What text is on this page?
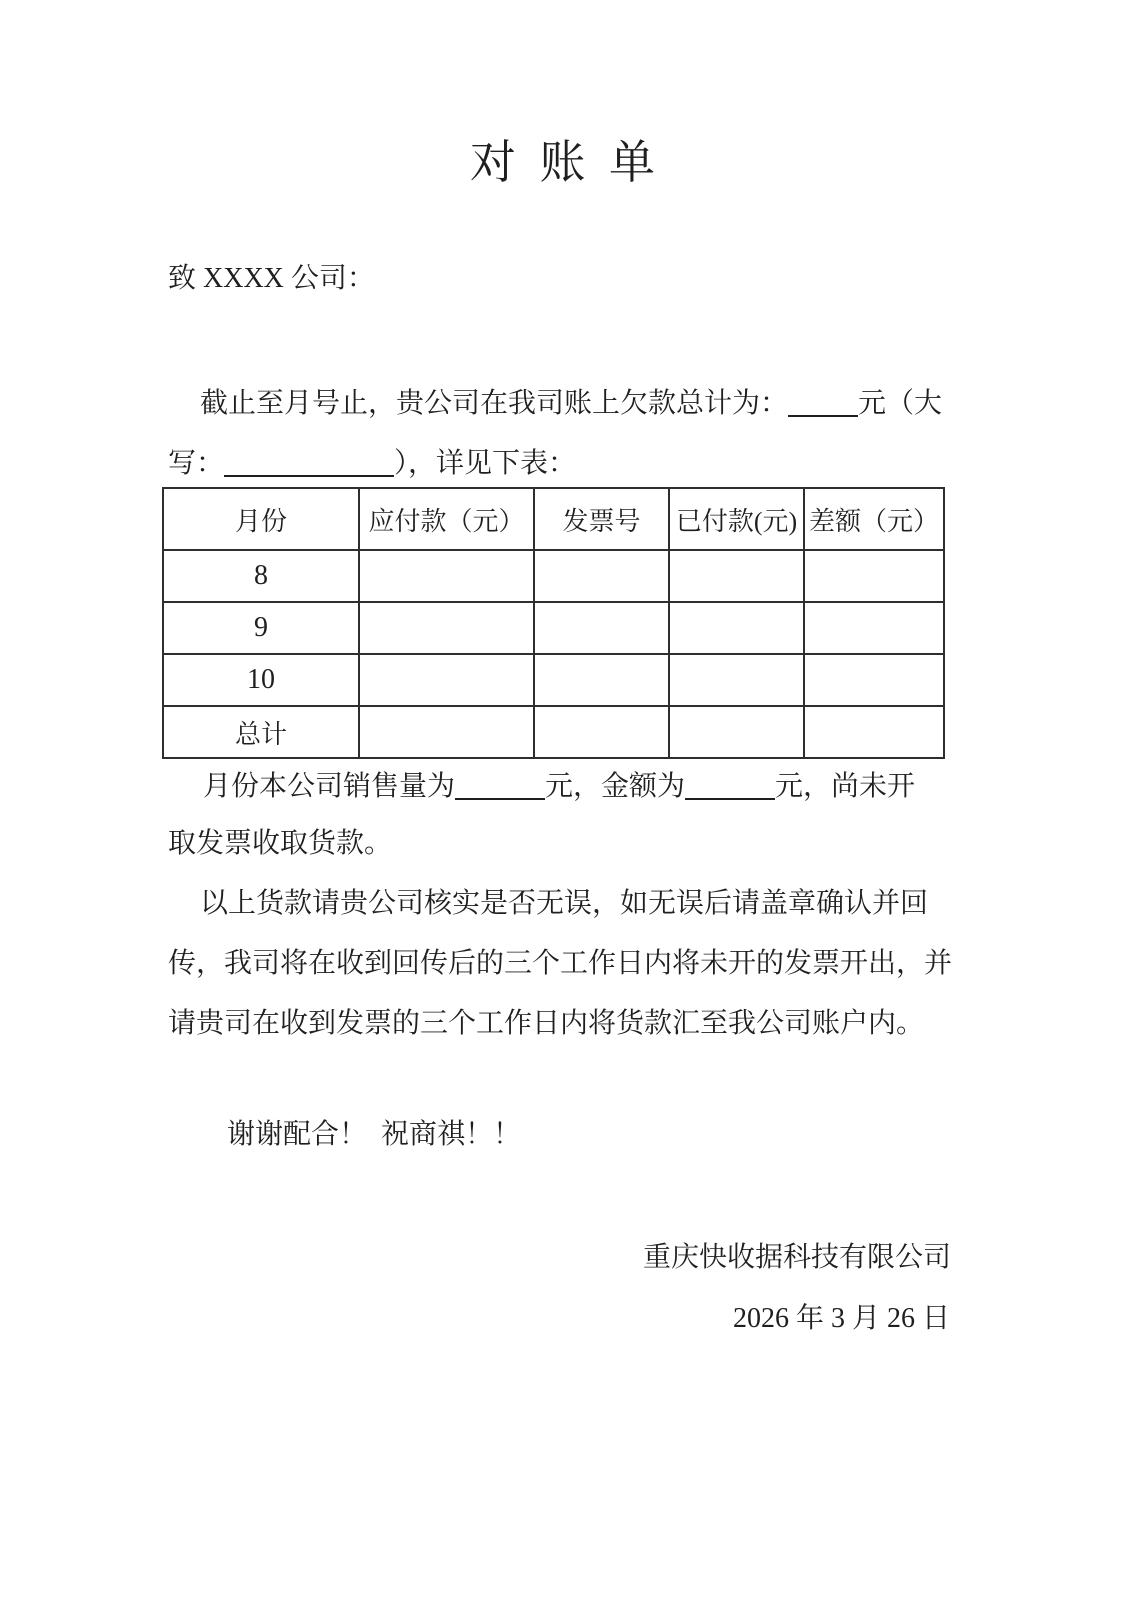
对 账 单
致 XXXX 公司：
截止至月号止，贵公司在我司账上欠款总计为：	元（大
写：	），详见下表：
月份	应付款（元）	发票号	已付款(元)	差额（元）
8				
9				
10				
总计				
月份本公司销售量为	元，金额为	元，尚未开
取发票收取货款。
以上货款请贵公司核实是否无误，如无误后请盖章确认并回
传，我司将在收到回传后的三个工作日内将未开的发票开出，并
请贵司在收到发票的三个工作日内将货款汇至我公司账户内。
谢谢配合！  祝商祺！！
重庆快收据科技有限公司
2026 年 3 月 26 日
